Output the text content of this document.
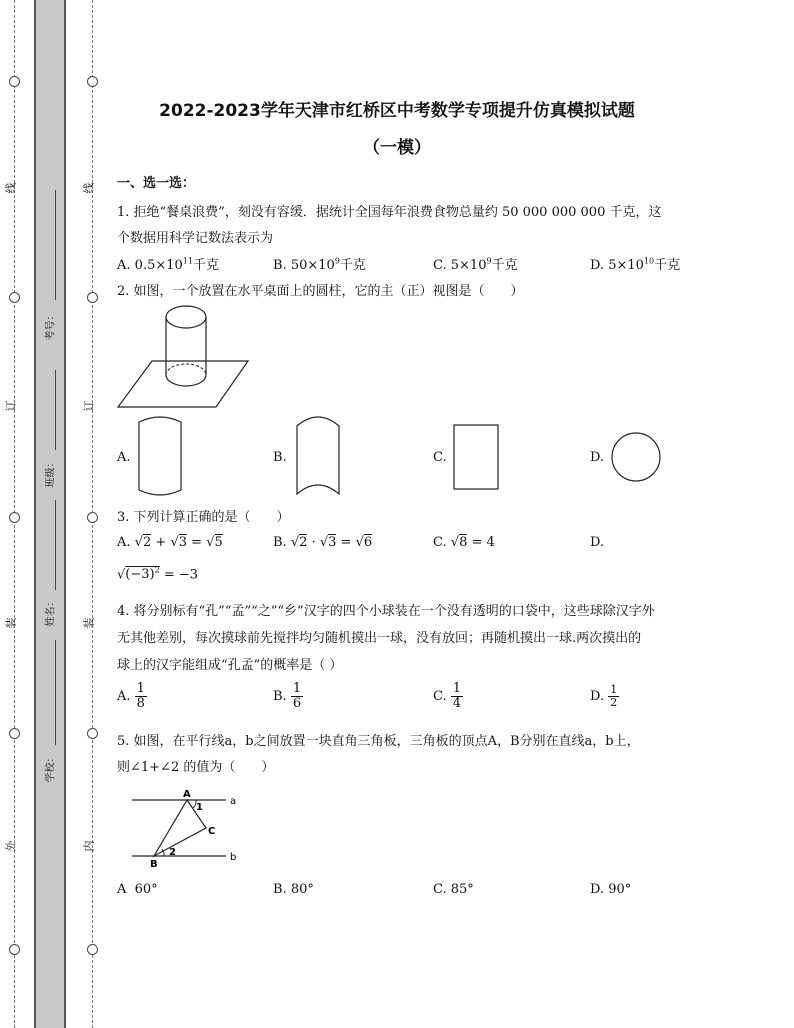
线
订
装
外
线
订
装
内
考号：
班级：
姓名：
学校：
2022-2023学年天津市红桥区中考数学专项提升仿真模拟试题
（一模）
一、选一选：
1. 拒绝“餐桌浪费”，刻没有容缓．据统计全国每年浪费食物总量约 50 000 000 000 千克，这
个数据用科学记数法表示为
A. $0.5\times 10^{11}$千克	B. $50\times 10^9$千克	C. $5\times 10^9$千克	D. $5\times 10^{10}$千克
2. 如图，一个放置在水平桌面上的圆柱，它的主（正）视图是（　　）
A.	B.	C.	D.
3. 下列计算正确的是（　　）
A. √2 + √3 = √5	B. √2 · √3 = √6	C. √8 = 4	D.
$√(-3)^2 = -3$
4. 将分别标有“孔”“孟”“之”“乡”汉字的四个小球装在一个没有透明的口袋中，这些球除汉字外
无其他差别，每次摸球前先搅拌均匀随机摸出一球，没有放回；再随机摸出一球.两次摸出的
球上的汉字能组成“孔孟”的概率是（ ）
A. $\frac{1}{8}$	B. $\frac{1}{6}$	C. $\frac{1}{4}$	D. $\frac{1}{2}$
5. 如图，在平行线a，b之间放置一块直角三角板，三角板的顶点A，B分别在直线a，b上，
则∠1+∠2 的值为（　　）
A
B
C
1
2
a
b
A 60°	B. 80°	C. 85°	D. 90°
